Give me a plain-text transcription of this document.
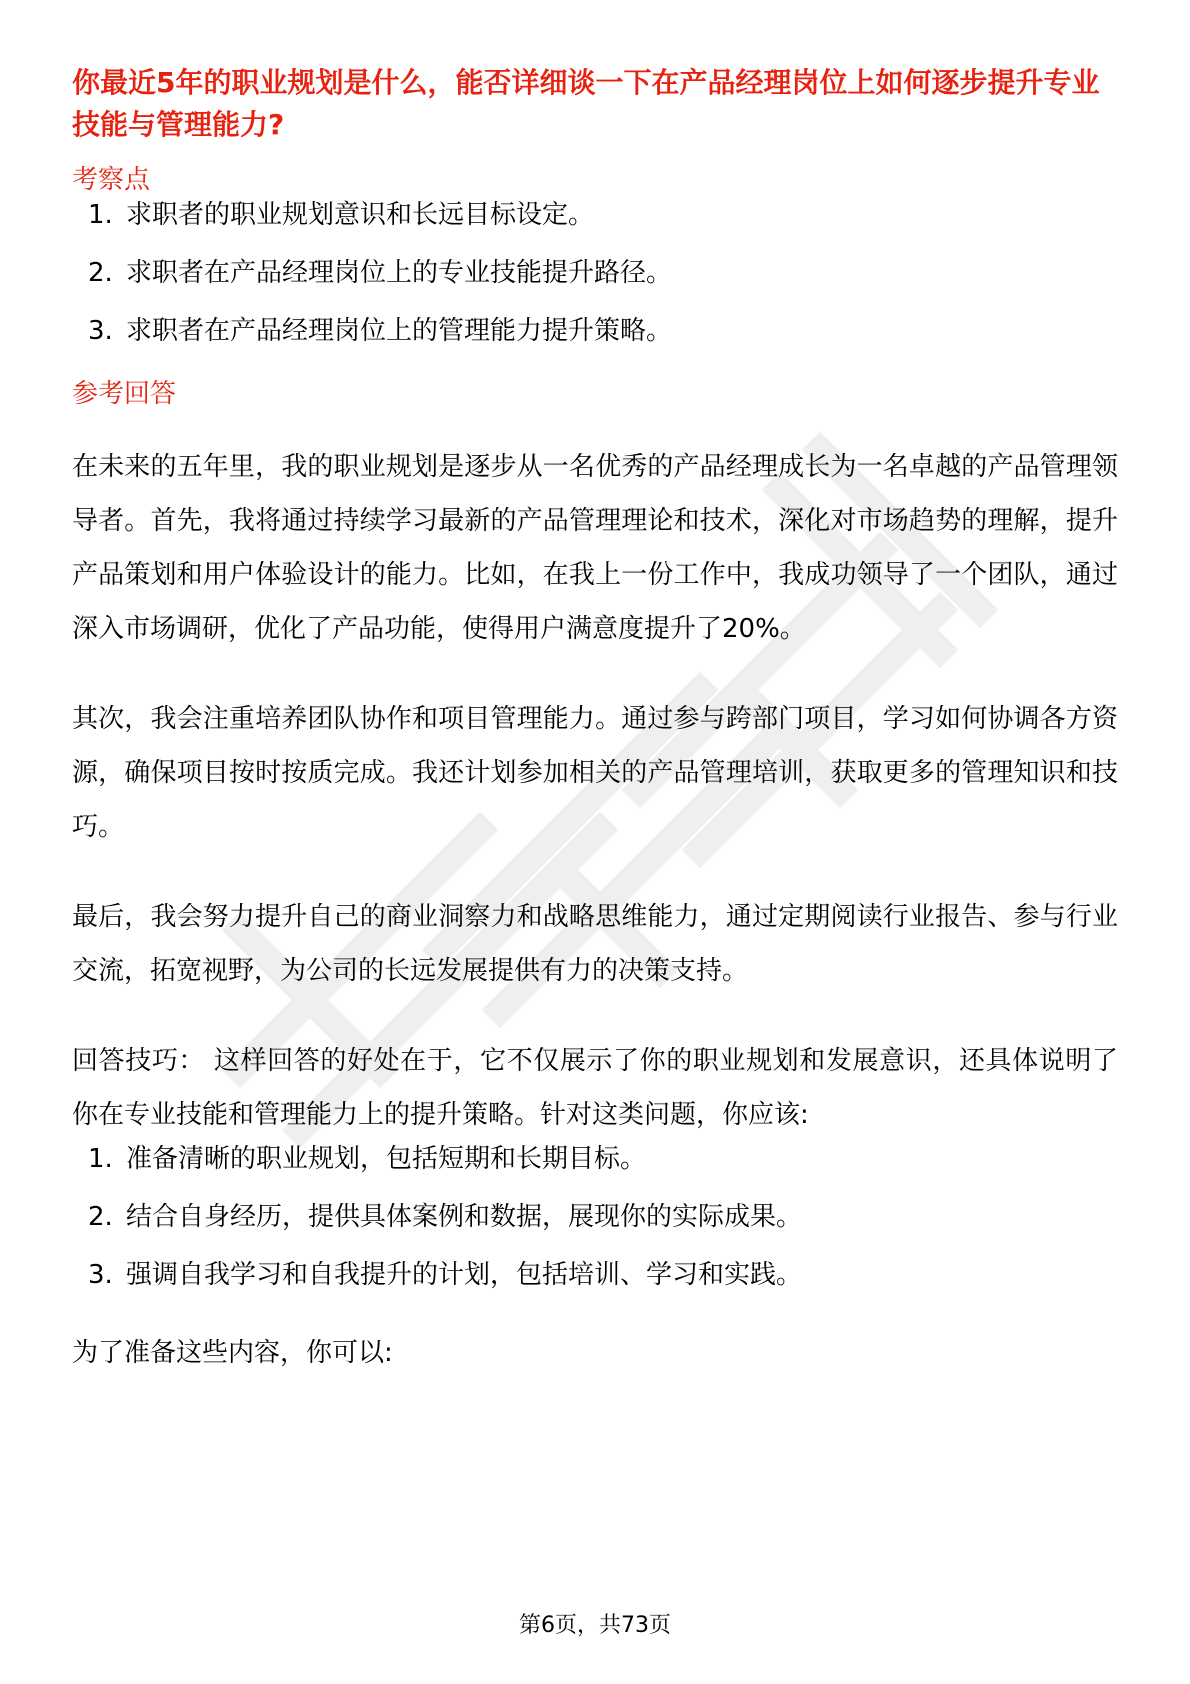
你最近5年的职业规划是什么，能否详细谈一下在产品经理岗位上如何逐步提升专业技能与管理能力?

考察点

1. 求职者的职业规划意识和长远目标设定。
2. 求职者在产品经理岗位上的专业技能提升路径。
3. 求职者在产品经理岗位上的管理能力提升策略。

参考回答

在未来的五年里，我的职业规划是逐步从一名优秀的产品经理成长为一名卓越的产品管理领导者。首先，我将通过持续学习最新的产品管理理论和技术，深化对市场趋势的理解，提升产品策划和用户体验设计的能力。比如，在我上一份工作中，我成功领导了一个团队，通过深入市场调研，优化了产品功能，使得用户满意度提升了20%。

其次，我会注重培养团队协作和项目管理能力。通过参与跨部门项目，学习如何协调各方资源，确保项目按时按质完成。我还计划参加相关的产品管理培训，获取更多的管理知识和技巧。

最后，我会努力提升自己的商业洞察力和战略思维能力，通过定期阅读行业报告、参与行业交流，拓宽视野，为公司的长远发展提供有力的决策支持。

回答技巧： 这样回答的好处在于，它不仅展示了你的职业规划和发展意识，还具体说明了你在专业技能和管理能力上的提升策略。针对这类问题，你应该:

1. 准备清晰的职业规划，包括短期和长期目标。
2. 结合自身经历，提供具体案例和数据，展现你的实际成果。
3. 强调自我学习和自我提升的计划，包括培训、学习和实践。

为了准备这些内容，你可以:

第6页，共73页
